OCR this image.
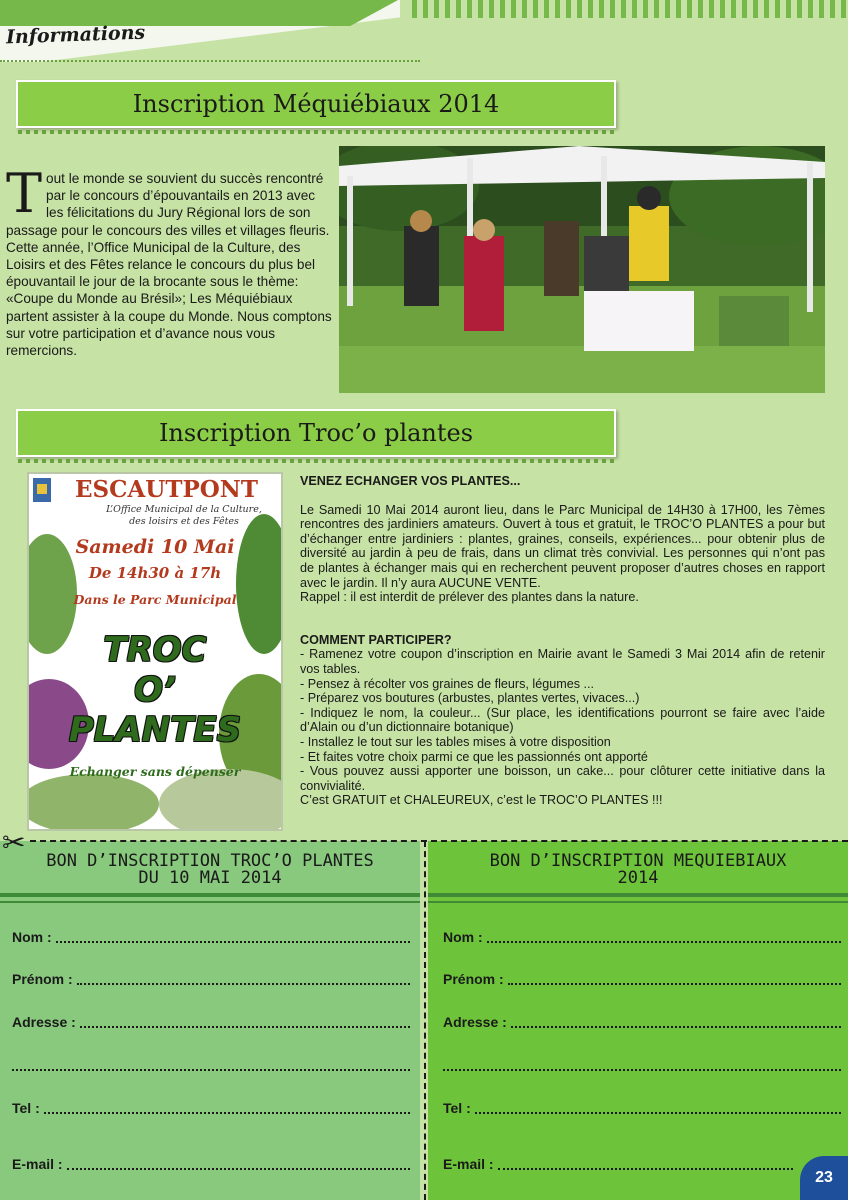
Informations
Inscription Méquiébiaux 2014
Tout le monde se souvient du succès rencontré par le concours d’épouvantails en 2013 avec les félicitations du Jury Régional lors de son passage pour le concours des villes et villages fleuris. Cette année, l’Office Municipal de la Culture, des Loisirs et des Fêtes relance le concours du plus bel épouvantail le jour de la brocante sous le thème: «Coupe du Monde au Brésil»; Les Méquiébiaux partent assister à la coupe du Monde. Nous comptons sur votre participation et d’avance nous vous remercions.
Inscription Troc’o plantes
ESCAUTPONT
L’Office Municipal de la Culture,
des loisirs et des Fêtes
Samedi 10 Mai
De 14h30 à 17h
Dans le Parc Municipal
TROC
O’
PLANTES
Echanger sans dépenser

VENEZ ECHANGER VOS PLANTES...

Le Samedi 10 Mai 2014 auront lieu, dans le Parc Municipal de 14H30 à 17H00, les 7èmes rencontres des jardiniers amateurs. Ouvert à tous et gratuit, le TROC’O PLANTES a pour but d’échanger entre jardiniers : plantes, graines, conseils, expériences... pour obtenir plus de diversité au jardin à peu de frais, dans un climat très convivial. Les personnes qui n’ont pas de plantes à échanger mais qui en recherchent peuvent proposer d’autres choses en rapport avec le jardin. Il n’y aura AUCUNE VENTE.

Rappel : il est interdit de prélever des plantes dans la nature.

COMMENT PARTICIPER?

- Ramenez votre coupon d’inscription en Mairie avant le Samedi 3 Mai 2014 afin de retenir vos tables.

- Pensez à récolter vos graines de fleurs, légumes ...

- Préparez vos boutures (arbustes, plantes vertes, vivaces...)

- Indiquez le nom, la couleur... (Sur place, les identifications pourront se faire avec l’aide d’Alain ou d’un dictionnaire botanique)

- Installez le tout sur les tables mises à votre disposition

- Et faites votre choix parmi ce que les passionnés ont apporté

- Vous pouvez aussi apporter une boisson, un cake... pour clôturer cette initiative dans la convivialité.

C’est GRATUIT et CHALEUREUX, c’est le TROC’O PLANTES !!!

BON D’INSCRIPTION TROC’O PLANTES
DU 10 MAI 2014
Nom :
Prénom :
Adresse :
Tel :
E-mail :
BON D’INSCRIPTION MEQUIEBIAUX
2014
Nom :
Prénom :
Adresse :
Tel :
E-mail :
✂
23
